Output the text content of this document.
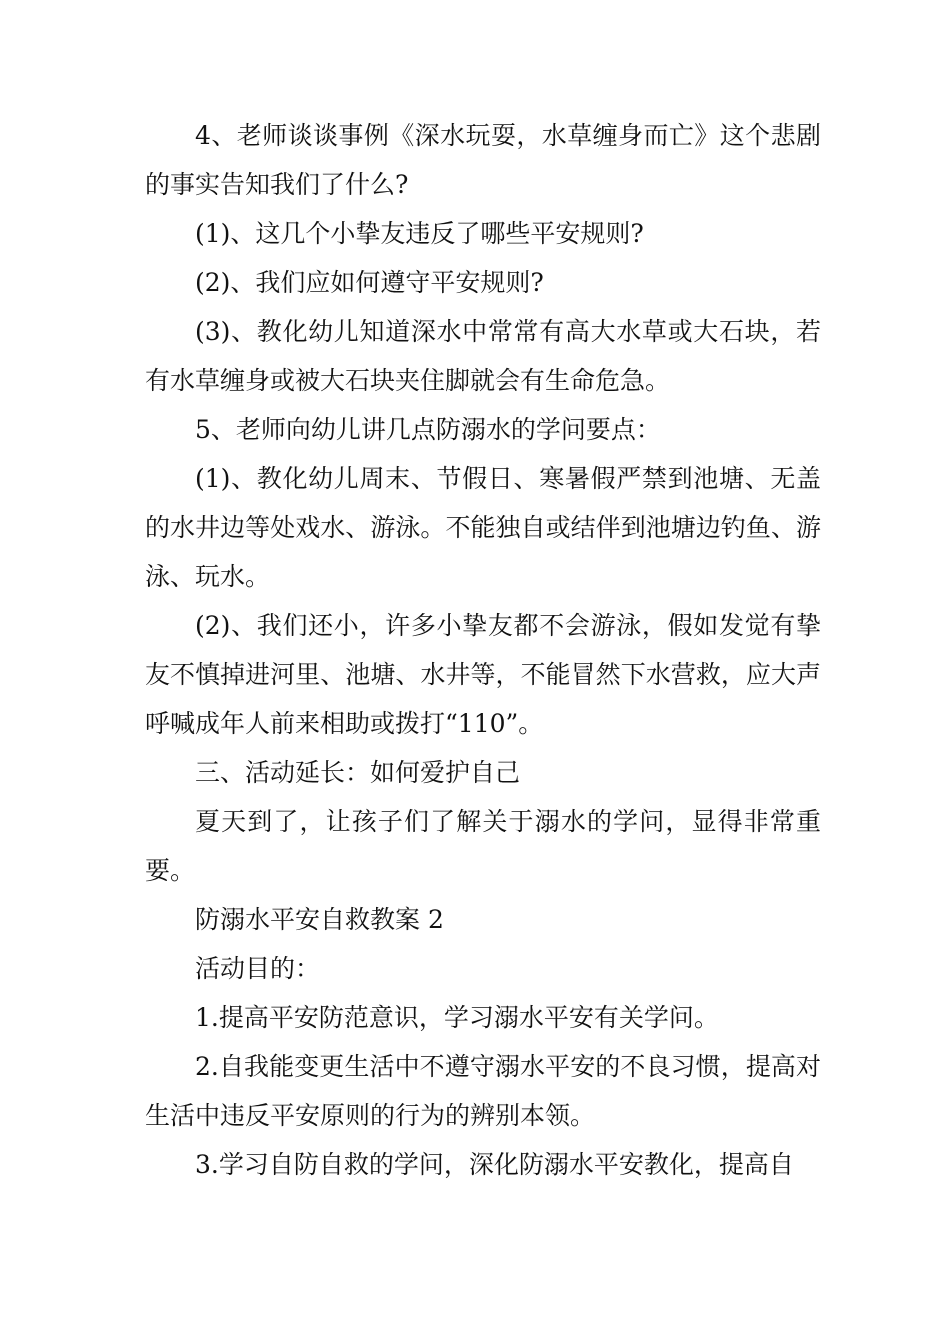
4、老师谈谈事例《深水玩耍，水草缠身而亡》这个悲剧的事实告知我们了什么?

(1)、这几个小挚友违反了哪些平安规则?

(2)、我们应如何遵守平安规则?

(3)、教化幼儿知道深水中常常有高大水草或大石块，若有水草缠身或被大石块夹住脚就会有生命危急。

5、老师向幼儿讲几点防溺水的学问要点：

(1)、教化幼儿周末、节假日、寒暑假严禁到池塘、无盖的水井边等处戏水、游泳。不能独自或结伴到池塘边钓鱼、游泳、玩水。

(2)、我们还小，许多小挚友都不会游泳，假如发觉有挚友不慎掉进河里、池塘、水井等，不能冒然下水营救，应大声呼喊成年人前来相助或拨打“110”。

三、活动延长：如何爱护自己

夏天到了，让孩子们了解关于溺水的学问，显得非常重要。

防溺水平安自救教案 2

活动目的：

1.提高平安防范意识，学习溺水平安有关学问。

2.自我能变更生活中不遵守溺水平安的不良习惯，提高对生活中违反平安原则的行为的辨别本领。

3.学习自防自救的学问，深化防溺水平安教化，提高自
